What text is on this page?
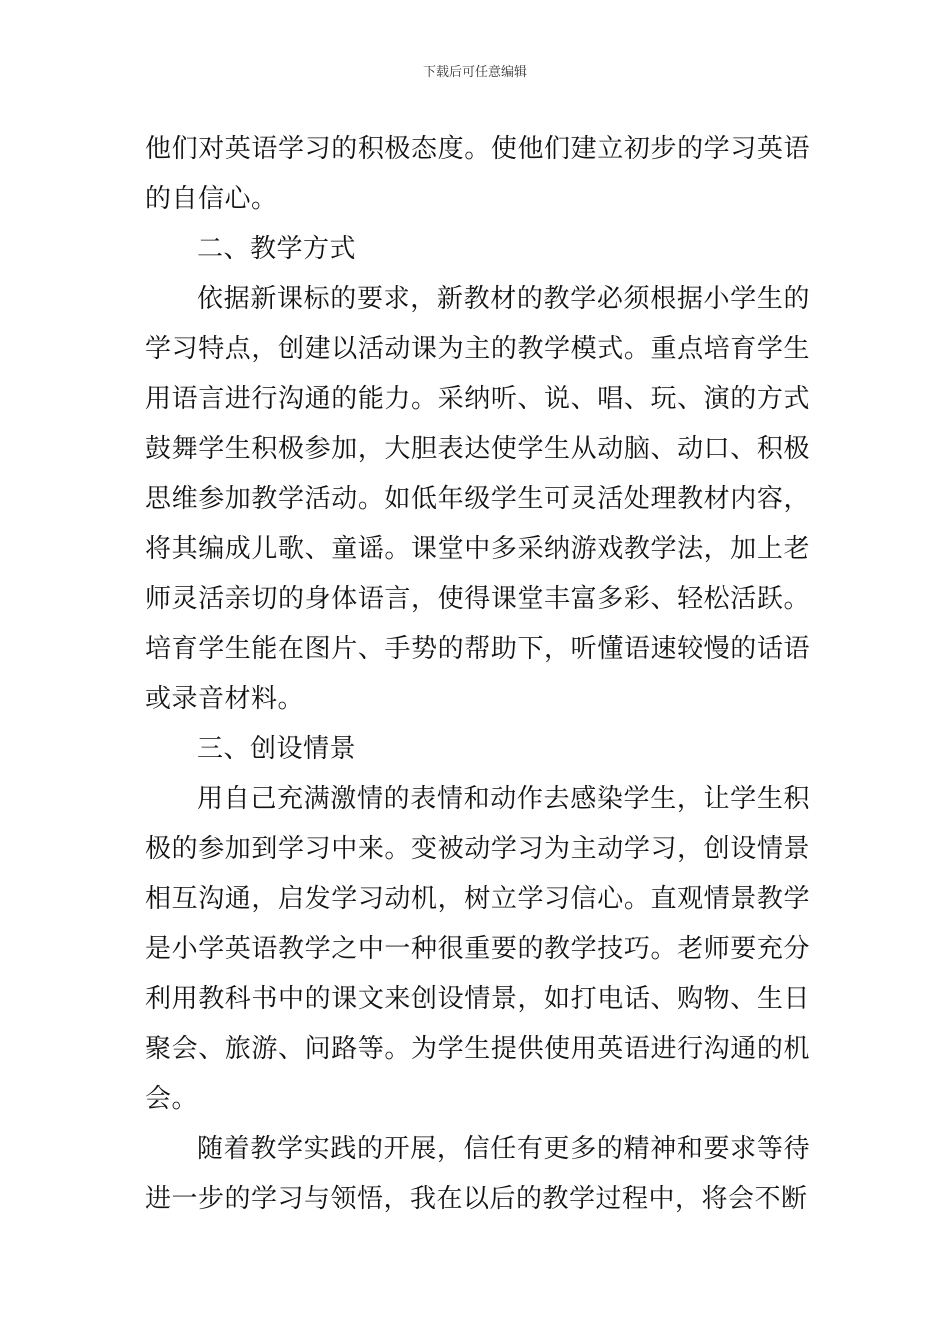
下载后可任意编辑

他们对英语学习的积极态度。使他们建立初步的学习英语的自信心。

二、教学方式

依据新课标的要求，新教材的教学必须根据小学生的学习特点，创建以活动课为主的教学模式。重点培育学生用语言进行沟通的能力。采纳听、说、唱、玩、演的方式鼓舞学生积极参加，大胆表达使学生从动脑、动口、积极思维参加教学活动。如低年级学生可灵活处理教材内容，将其编成儿歌、童谣。课堂中多采纳游戏教学法，加上老师灵活亲切的身体语言，使得课堂丰富多彩、轻松活跃。培育学生能在图片、手势的帮助下，听懂语速较慢的话语或录音材料。

三、创设情景

用自己充满激情的表情和动作去感染学生，让学生积极的参加到学习中来。变被动学习为主动学习，创设情景相互沟通，启发学习动机，树立学习信心。直观情景教学是小学英语教学之中一种很重要的教学技巧。老师要充分利用教科书中的课文来创设情景，如打电话、购物、生日聚会、旅游、问路等。为学生提供使用英语进行沟通的机会。

随着教学实践的开展，信任有更多的精神和要求等待进一步的学习与领悟，我在以后的教学过程中，将会不断
